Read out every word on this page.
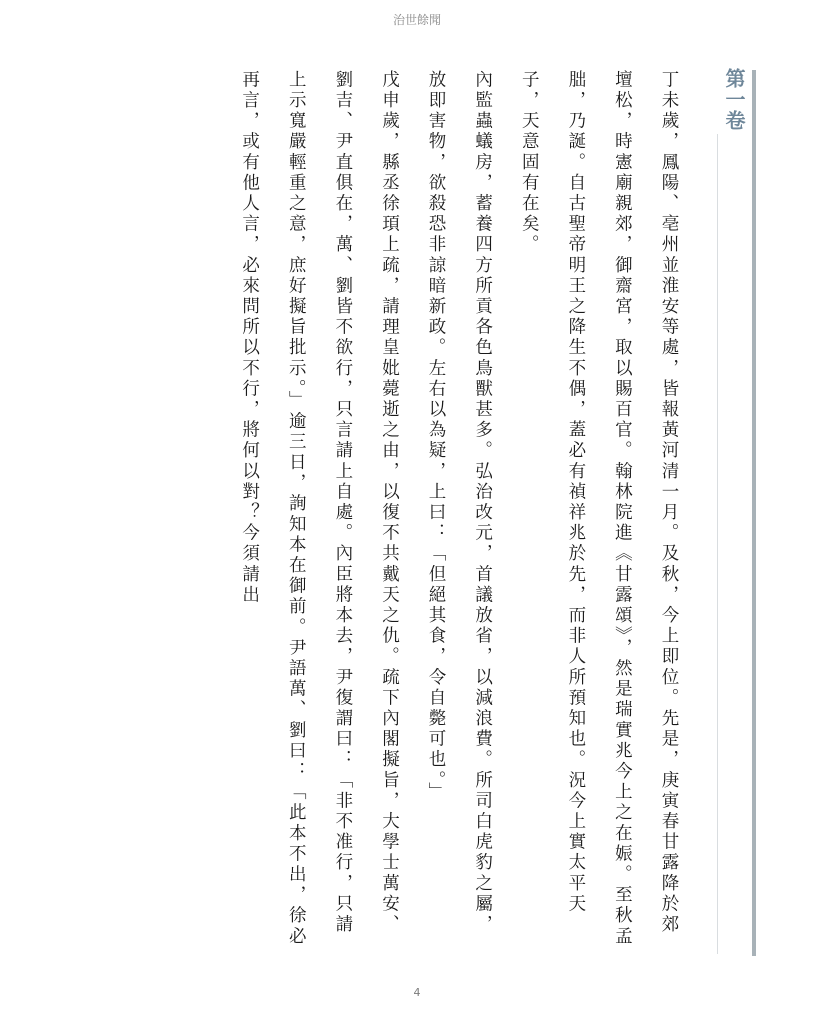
治世餘聞
第一卷

丁未歲，鳳陽、亳州並淮安等處，皆報黃河清一月。及秋，今上即位。先是，庚寅春甘露降於郊壇松，時憲廟親郊，御齋宮，取以賜百官。翰林院進《甘露頌》，然是瑞實兆今上之在娠。至秋孟朏，乃誕。自古聖帝明王之降生不偶，蓋必有禎祥兆於先，而非人所預知也。況今上實太平天子，天意固有在矣。

內監蟲蟻房，蓄養四方所貢各色鳥獸甚多。弘治改元，首議放省，以減浪費。所司白虎豹之屬，放即害物，欲殺恐非諒暗新政。左右以為疑，上曰：「但絕其食，令自斃可也。」

戊申歲，縣丞徐頊上疏，請理皇妣薨逝之由，以復不共戴天之仇。疏下內閣擬旨，大學士萬安、劉吉、尹直俱在，萬、劉皆不欲行，只言請上自處。內臣將本去，尹復謂曰：「非不准行，只請上示寬嚴輕重之意，庶好擬旨批示。」逾三日，詢知本在御前。尹語萬、劉曰：「此本不出，徐必再言，或有他人言，必來問所以不行，將何以對？今須請出

4
